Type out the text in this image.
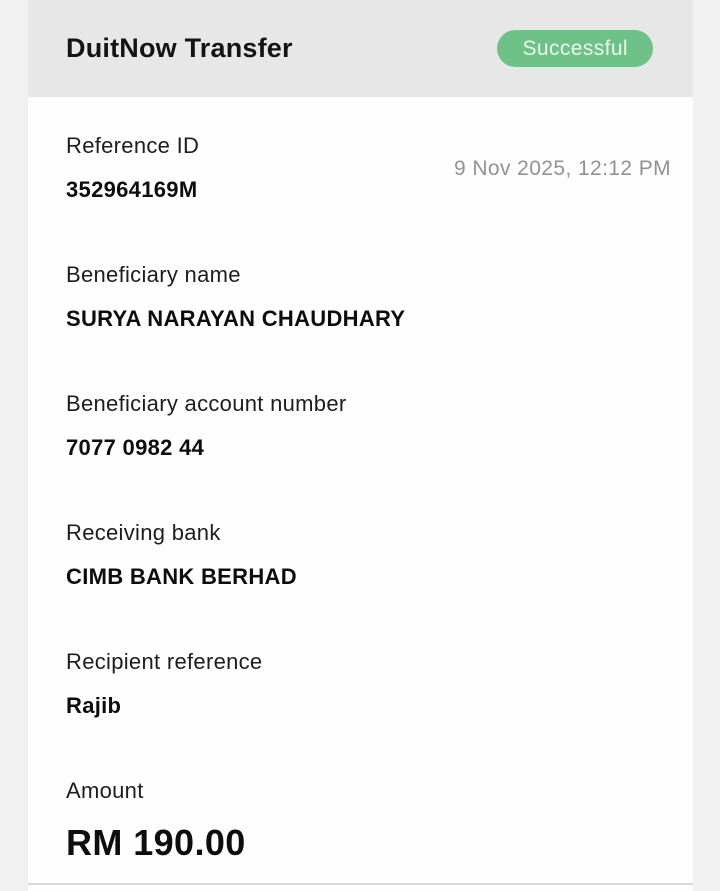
DuitNow Transfer	Successful
Reference ID
352964169M
9 Nov 2025, 12:12 PM
Beneficiary name
SURYA NARAYAN CHAUDHARY
Beneficiary account number
7077 0982 44
Receiving bank
CIMB BANK BERHAD
Recipient reference
Rajib
Amount
RM 190.00
